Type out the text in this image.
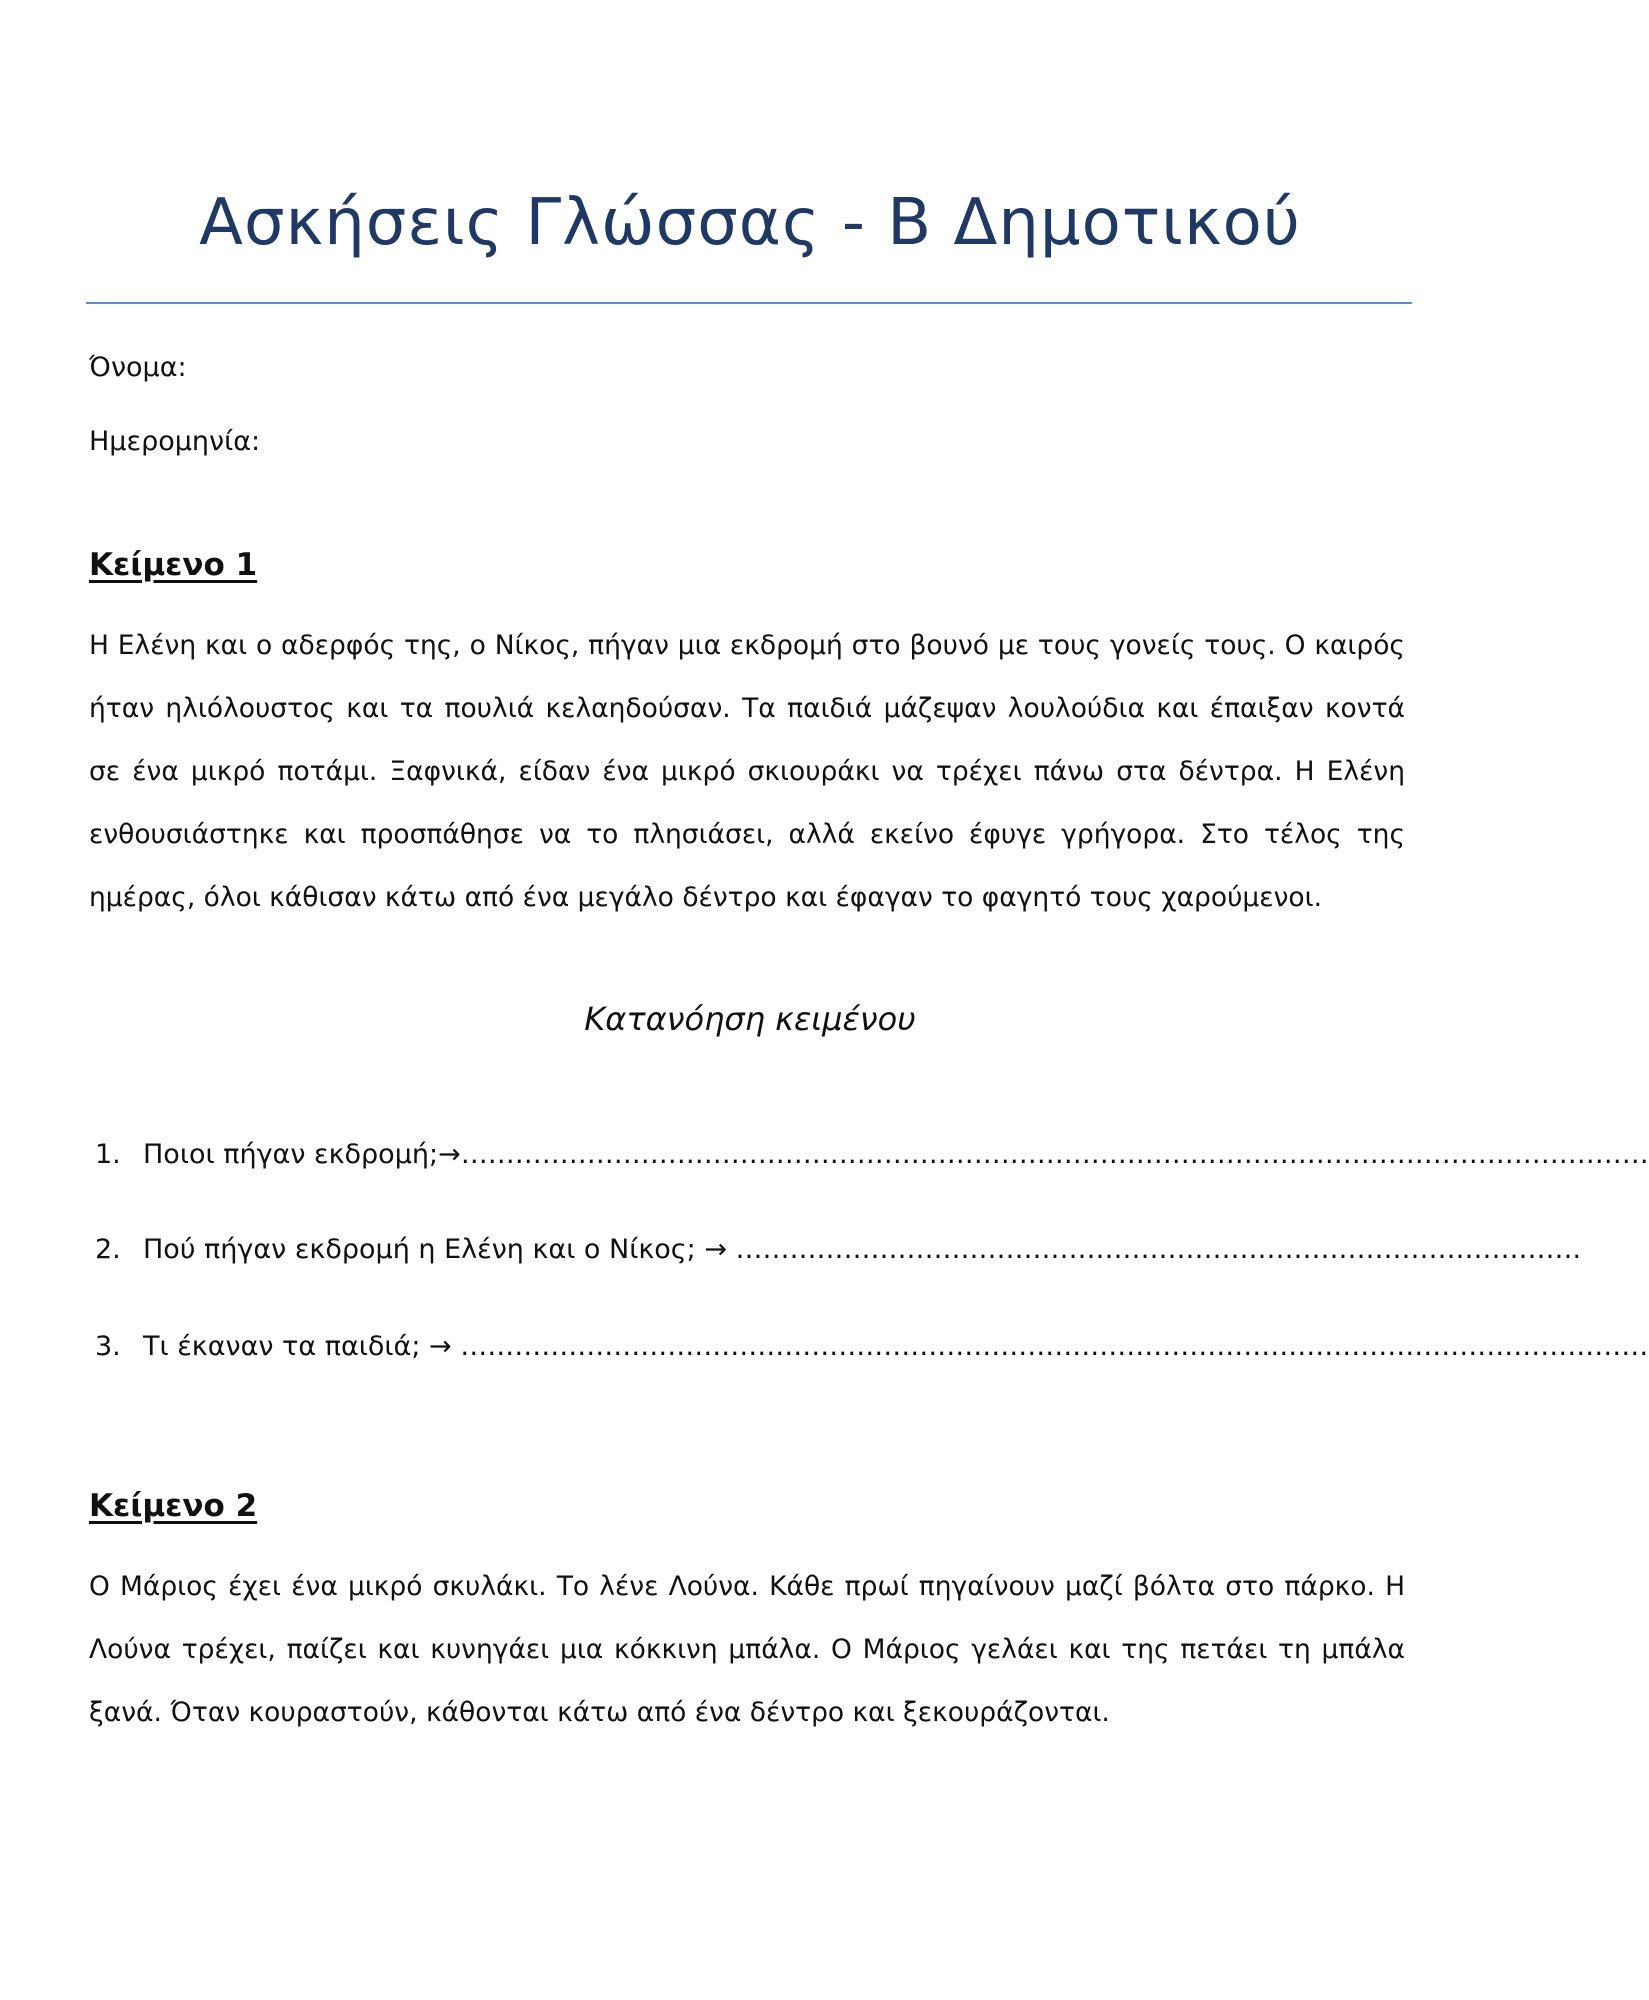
Ασκήσεις Γλώσσας - Β Δημοτικού
Όνομα:
Ημερομηνία:
Κείμενο 1

Η Ελένη και ο αδερφός της, ο Νίκος, πήγαν μια εκδρομή στο βουνό με τους γονείς τους. Ο καιρός ήταν ηλιόλουστος και τα πουλιά κελαηδούσαν. Τα παιδιά μάζεψαν λουλούδια και έπαιξαν κοντά σε ένα μικρό ποτάμι. Ξαφνικά, είδαν ένα μικρό σκιουράκι να τρέχει πάνω στα δέντρα. Η Ελένη ενθουσιάστηκε και προσπάθησε να το πλησιάσει, αλλά εκείνο έφυγε γρήγορα. Στο τέλος της ημέρας, όλοι κάθισαν κάτω από ένα μεγάλο δέντρο και έφαγαν το φαγητό τους χαρούμενοι.

Κατανόηση κειμένου
1. Ποιοι πήγαν εκδρομή;→……………………………………………………………………………………………………………………
2. Πού πήγαν εκδρομή η Ελένη και ο Νίκος; → ………………………………………………………………………………….
3. Τι έκαναν τα παιδιά; → ……………………………………………………………………………………………………………………
Κείμενο 2

Ο Μάριος έχει ένα μικρό σκυλάκι. Το λένε Λούνα. Κάθε πρωί πηγαίνουν μαζί βόλτα στο πάρκο. Η Λούνα τρέχει, παίζει και κυνηγάει μια κόκκινη μπάλα. Ο Μάριος γελάει και της πετάει τη μπάλα ξανά. Όταν κουραστούν, κάθονται κάτω από ένα δέντρο και ξεκουράζονται.
